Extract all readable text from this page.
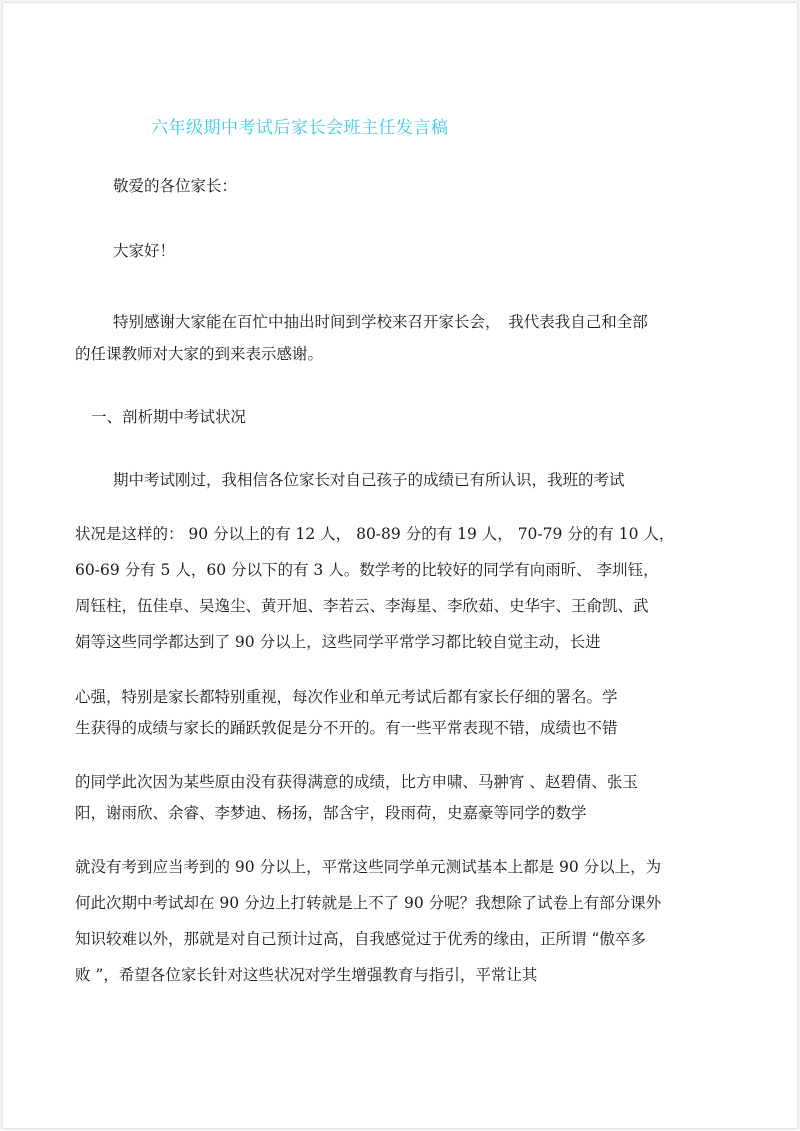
六年级期中考试后家长会班主任发言稿
敬爱的各位家长：
大家好！
特别感谢大家能在百忙中抽出时间到学校来召开家长会，　我代表我自己和全部
的任课教师对大家的到来表示感谢。
一、剖析期中考试状况
期中考试刚过，我相信各位家长对自己孩子的成绩已有所认识，我班的考试
状况是这样的： 90 分以上的有 12 人， 80-89 分的有 19 人， 70-79 分的有 10 人，
60-69 分有 5 人，60 分以下的有 3 人。数学考的比较好的同学有向雨昕、 李圳钰，
周钰柱，伍佳卓、吴逸尘、黄开旭、李若云、李海星、李欣茹、史华宇、王俞凯、武
娟等这些同学都达到了 90 分以上，这些同学平常学习都比较自觉主动，长进
心强，特别是家长都特别重视，每次作业和单元考试后都有家长仔细的署名。学
生获得的成绩与家长的踊跃敦促是分不开的。有一些平常表现不错，成绩也不错
的同学此次因为某些原由没有获得满意的成绩，比方申啸、马翀宵 、赵碧倩、张玉
阳，谢雨欣、余睿、李梦迪、杨扬，郜含宇，段雨荷，史嘉豪等同学的数学
就没有考到应当考到的 90 分以上，平常这些同学单元测试基本上都是 90 分以上，为
何此次期中考试却在 90 分边上打转就是上不了 90 分呢？我想除了试卷上有部分课外
知识较难以外，那就是对自己预计过高，自我感觉过于优秀的缘由，正所谓 “傲卒多
败 ”，希望各位家长针对这些状况对学生增强教育与指引，平常让其
